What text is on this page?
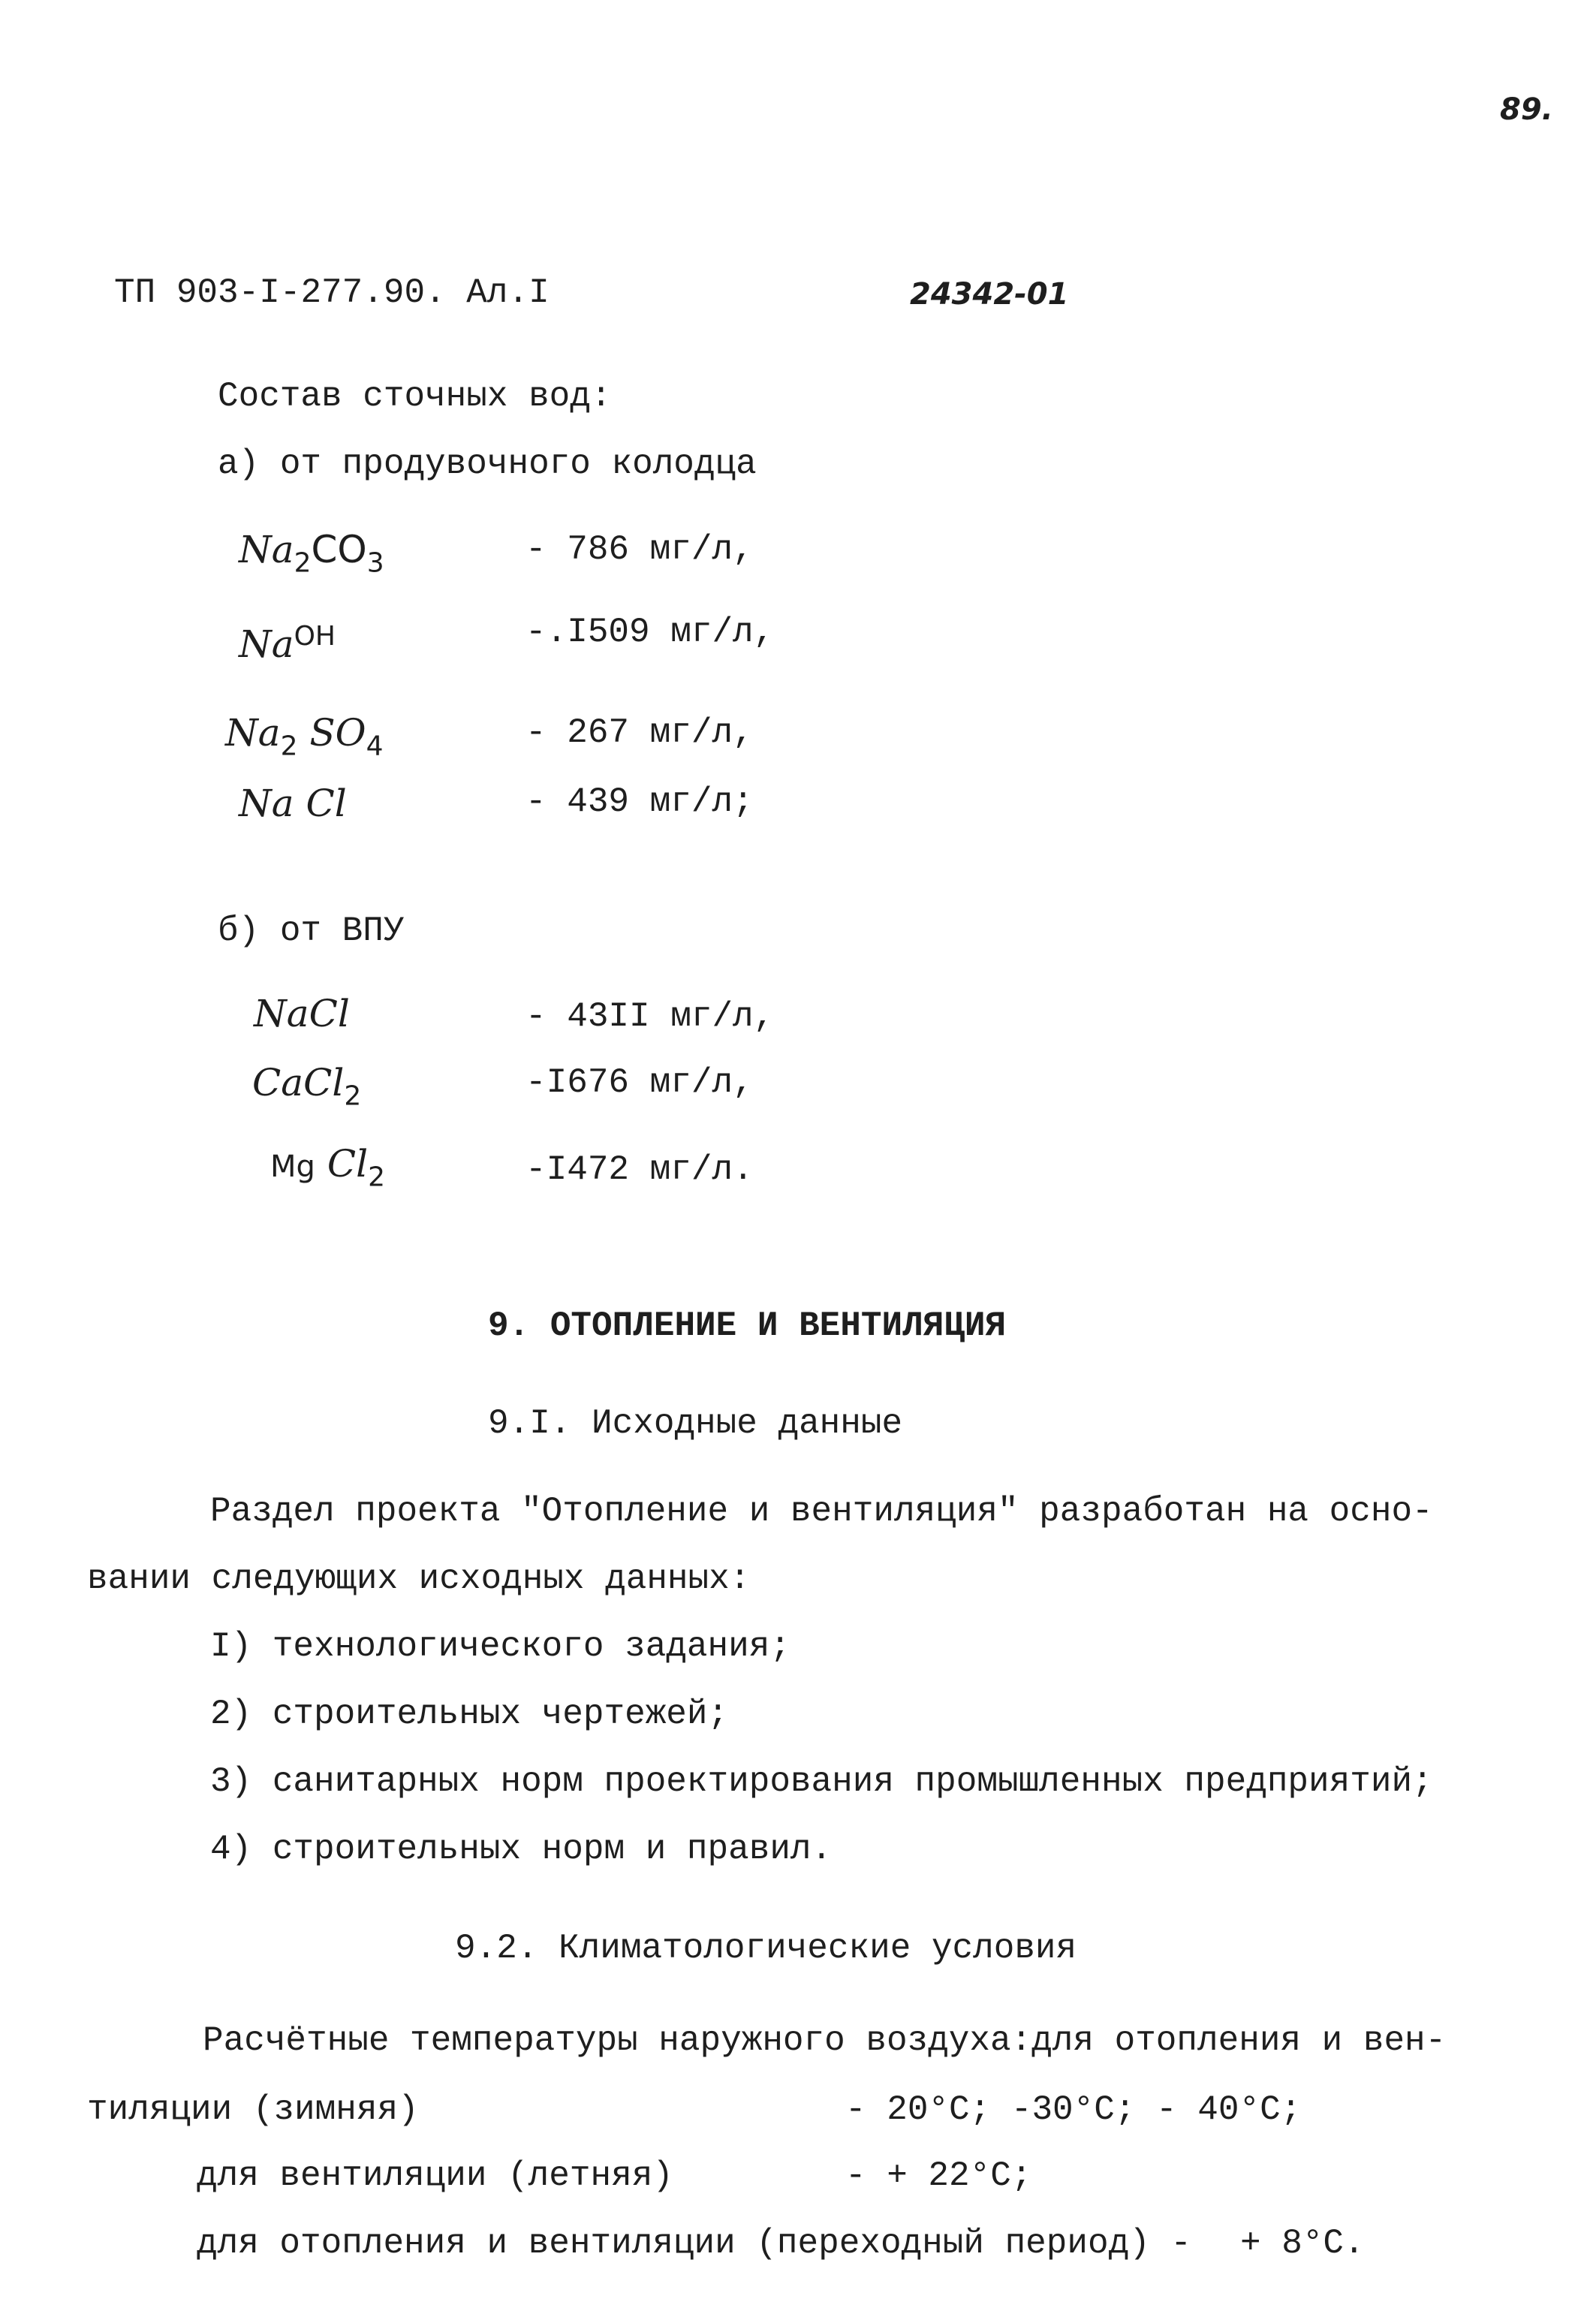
89.
ТП 903-I-277.90. Ал.I	24342-01
Состав сточных вод:
а) от продувочного колодца
$Na_2CO_3$	- 786 мг/л,
$Na^{OH}$	-.I509 мг/л,
$Na_2$ $SO_4$	- 267 мг/л,
Na Cl	- 439 мг/л;
б) от ВПУ
NaCl	- 43II мг/л,
CaCl$_2$	-I676 мг/л,
Mg $Cl_2$	-I472 мг/л.
9. ОТОПЛЕНИЕ И ВЕНТИЛЯЦИЯ
9.I. Исходные данные
Раздел проекта "Отопление и вентиляция" разработан на осно-
вании следующих исходных данных:
I) технологического задания;
2) строительных чертежей;
3) санитарных норм проектирования промышленных предприятий;
4) строительных норм и правил.
9.2. Климатологические условия
Расчётные температуры наружного воздуха:для отопления и вен-
тиляции (зимняя)	- 20°C; -30°C; - 40°C;
для вентиляции (летняя)	- + 22°C;
для отопления и вентиляции (переходный период) - + 8°C.
